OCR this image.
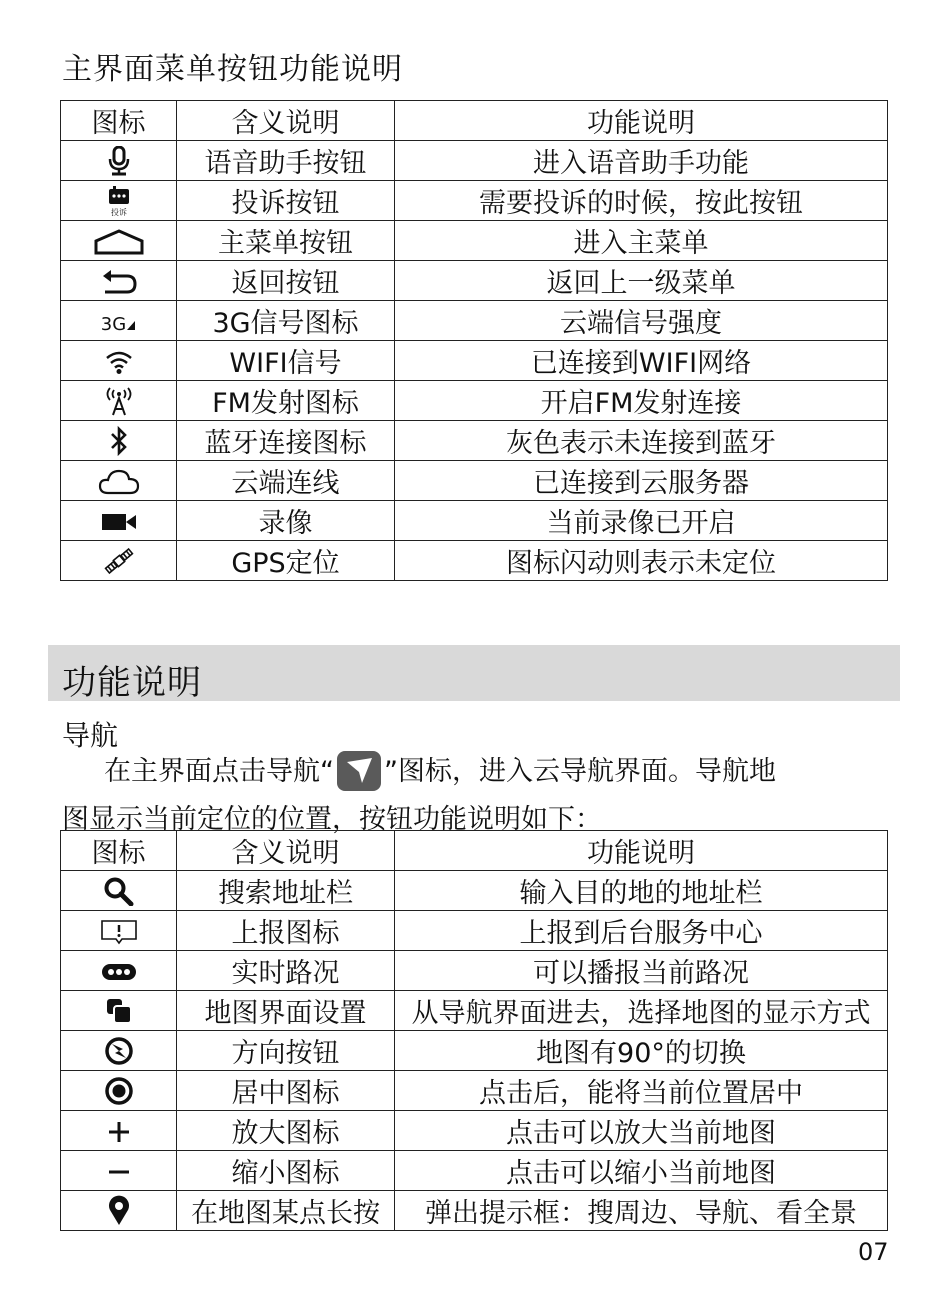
主界面菜单按钮功能说明
图标	含义说明	功能说明

	语音助手按钮	进入语音助手功能

投诉	投诉按钮	需要投诉的时候，按此按钮

	主菜单按钮	进入主菜单

	返回按钮	返回上一级菜单
3G	3G信号图标	云端信号强度

	WIFI信号	已连接到WIFI网络

	FM发射图标	开启FM发射连接

	蓝牙连接图标	灰色表示未连接到蓝牙

	云端连线	已连接到云服务器

	录像	当前录像已开启

	GPS定位	图标闪动则表示未定位
功能说明
导航
在主界面点击导航“ ”图标，进入云导航界面。导航地
图显示当前定位的位置，按钮功能说明如下：
图标	含义说明	功能说明

	搜索地址栏	输入目的地的地址栏

	上报图标	上报到后台服务中心

	实时路况	可以播报当前路况

	地图界面设置	从导航界面进去，选择地图的显示方式

	方向按钮	地图有90°的切换

	居中图标	点击后，能将当前位置居中

	放大图标	点击可以放大当前地图

	缩小图标	点击可以缩小当前地图

	在地图某点长按	弹出提示框：搜周边、导航、看全景
07
